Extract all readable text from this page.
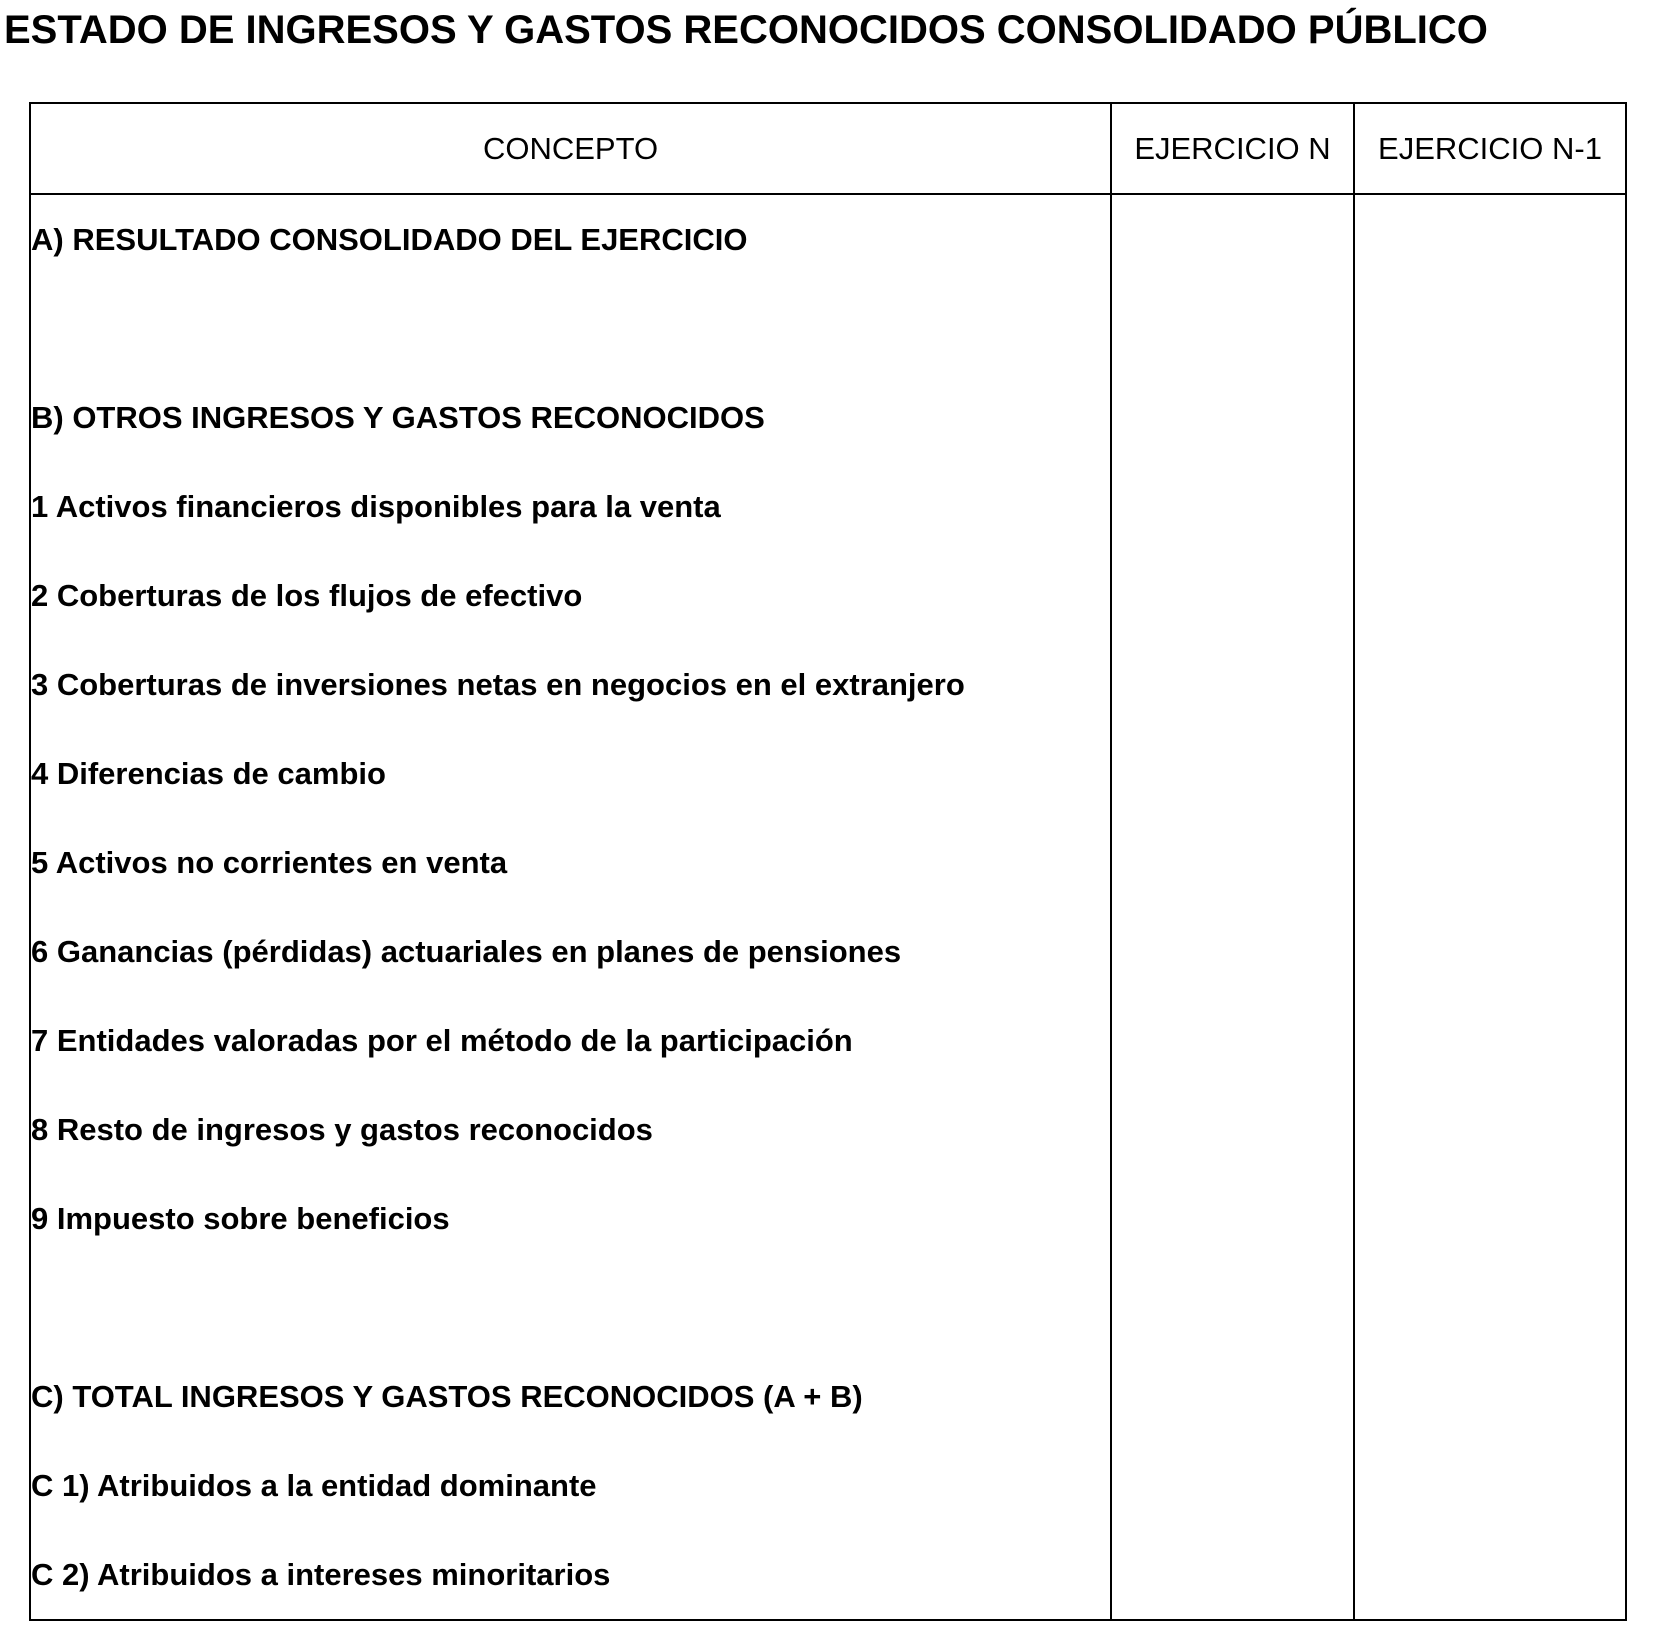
ESTADO DE INGRESOS Y GASTOS RECONOCIDOS CONSOLIDADO PÚBLICO
CONCEPTO	EJERCICIO N	EJERCICIO N-1
A) RESULTADO CONSOLIDADO DEL EJERCICIO		

B) OTROS INGRESOS Y GASTOS RECONOCIDOS		
1 Activos financieros disponibles para la venta		
2 Coberturas de los flujos de efectivo		
3 Coberturas de inversiones netas en negocios en el extranjero		
4 Diferencias de cambio		
5 Activos no corrientes en venta		
6 Ganancias (pérdidas) actuariales en planes de pensiones		
7 Entidades valoradas por el método de la participación		
8 Resto de ingresos y gastos reconocidos		
9 Impuesto sobre beneficios		

C) TOTAL INGRESOS Y GASTOS RECONOCIDOS (A + B)		
C 1) Atribuidos a la entidad dominante		
C 2) Atribuidos a intereses minoritarios		
